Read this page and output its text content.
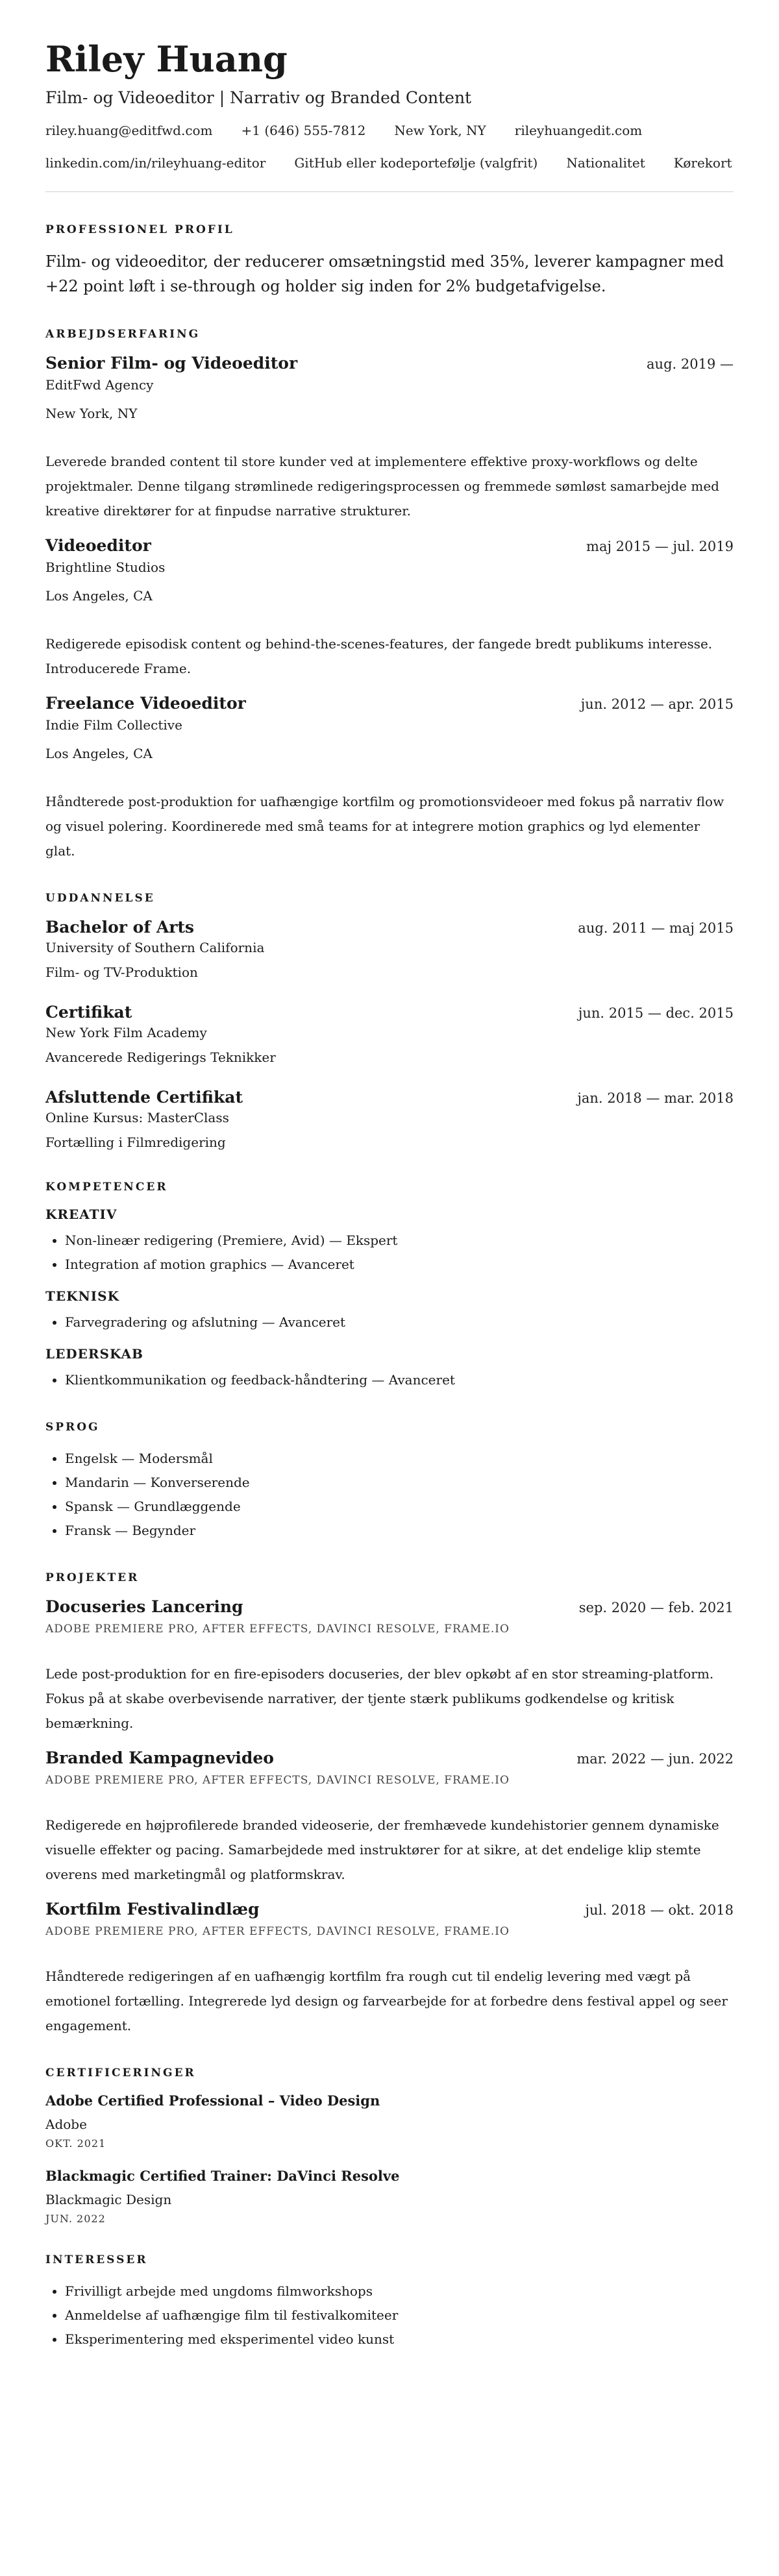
Riley Huang
Film- og Videoeditor | Narrativ og Branded Content
riley.huang@editfwd.com +1 (646) 555-7812 New York, NY rileyhuangedit.com
linkedin.com/in/rileyhuang-editor GitHub eller kodeportefølje (valgfrit) Nationalitet Kørekort
PROFESSIONEL PROFIL

Film- og videoeditor, der reducerer omsætningstid med 35%, leverer kampagner med +22 point løft i se-through og holder sig inden for 2% budgetafvigelse.

ARBEJDSERFARING
Senior Film- og Videoeditor	aug. 2019 —
EditFwd Agency
New York, NY

Leverede branded content til store kunder ved at implementere effektive proxy-workflows og delte projektmaler. Denne tilgang strømlinede redigeringsprocessen og fremmede sømløst samarbejde med kreative direktører for at finpudse narrative strukturer.

Videoeditor	maj 2015 — jul. 2019
Brightline Studios
Los Angeles, CA

Redigerede episodisk content og behind-the-scenes-features, der fangede bredt publikums interesse. Introducerede Frame.

Freelance Videoeditor	jun. 2012 — apr. 2015
Indie Film Collective
Los Angeles, CA

Håndterede post-produktion for uafhængige kortfilm og promotionsvideoer med fokus på narrativ flow og visuel polering. Koordinerede med små teams for at integrere motion graphics og lyd elementer glat.

UDDANNELSE
Bachelor of Arts	aug. 2011 — maj 2015
University of Southern California
Film- og TV-Produktion
Certifikat	jun. 2015 — dec. 2015
New York Film Academy
Avancerede Redigerings Teknikker
Afsluttende Certifikat	jan. 2018 — mar. 2018
Online Kursus: MasterClass
Fortælling i Filmredigering
KOMPETENCER
KREATIV
• Non-lineær redigering (Premiere, Avid) — Ekspert
• Integration af motion graphics — Avanceret
TEKNISK
• Farvegradering og afslutning — Avanceret
LEDERSKAB
• Klientkommunikation og feedback-håndtering — Avanceret
SPROG
• Engelsk — Modersmål
• Mandarin — Konverserende
• Spansk — Grundlæggende
• Fransk — Begynder
PROJEKTER
Docuseries Lancering	sep. 2020 — feb. 2021
ADOBE PREMIERE PRO, AFTER EFFECTS, DAVINCI RESOLVE, FRAME.IO

Lede post-produktion for en fire-episoders docuseries, der blev opkøbt af en stor streaming-platform. Fokus på at skabe overbevisende narrativer, der tjente stærk publikums godkendelse og kritisk bemærkning.

Branded Kampagnevideo	mar. 2022 — jun. 2022
ADOBE PREMIERE PRO, AFTER EFFECTS, DAVINCI RESOLVE, FRAME.IO

Redigerede en højprofilerede branded videoserie, der fremhævede kundehistorier gennem dynamiske visuelle effekter og pacing. Samarbejdede med instruktører for at sikre, at det endelige klip stemte overens med marketingmål og platformskrav.

Kortfilm Festivalindlæg	jul. 2018 — okt. 2018
ADOBE PREMIERE PRO, AFTER EFFECTS, DAVINCI RESOLVE, FRAME.IO

Håndterede redigeringen af en uafhængig kortfilm fra rough cut til endelig levering med vægt på emotionel fortælling. Integrerede lyd design og farvearbejde for at forbedre dens festival appel og seer engagement.

CERTIFICERINGER
Adobe Certified Professional – Video Design
Adobe
OKT. 2021
Blackmagic Certified Trainer: DaVinci Resolve
Blackmagic Design
JUN. 2022
INTERESSER
• Frivilligt arbejde med ungdoms filmworkshops
• Anmeldelse af uafhængige film til festivalkomiteer
• Eksperimentering med eksperimentel video kunst
